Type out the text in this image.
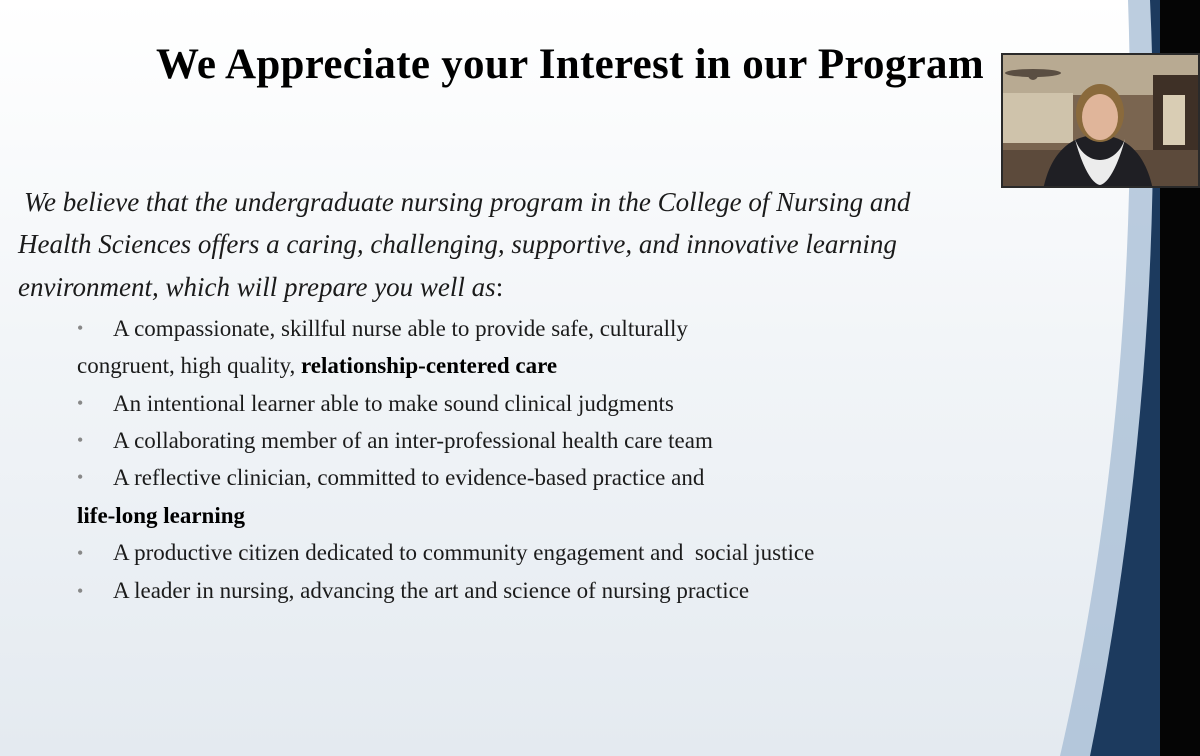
We Appreciate your Interest in our Program
We believe that the undergraduate nursing program in the College of Nursing and
Health Sciences offers a caring, challenging, supportive, and innovative learning
environment, which will prepare you well as:
• A compassionate, skillful nurse able to provide safe, culturally
congruent, high quality, relationship-centered care
• An intentional learner able to make sound clinical judgments
• A collaborating member of an inter-professional health care team
• A reflective clinician, committed to evidence-based practice and
life-long learning
• A productive citizen dedicated to community engagement and  social justice
• A leader in nursing, advancing the art and science of nursing practice
